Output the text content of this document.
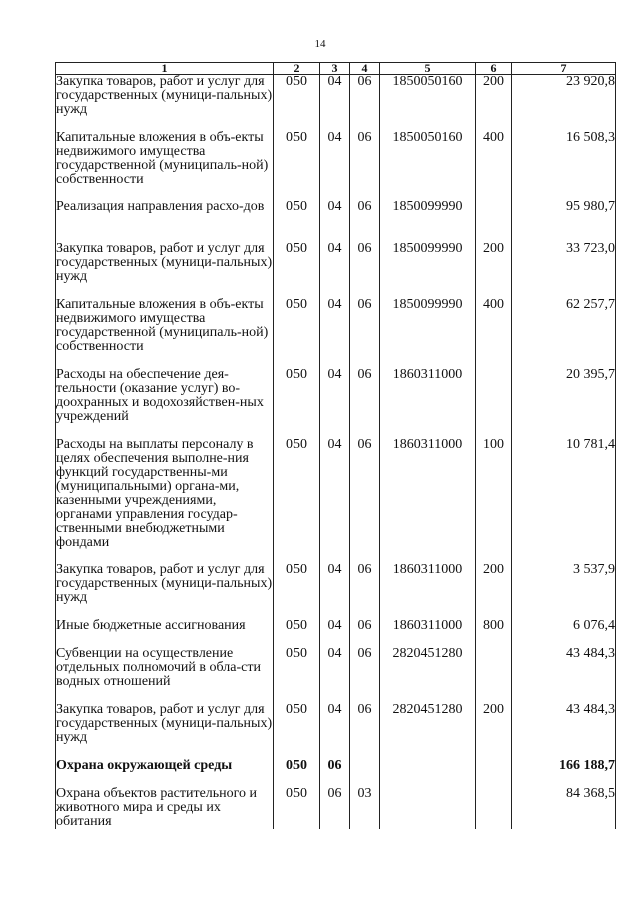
14
1	2	3	4	5	6	7
Закупка товаров, работ и услуг для государственных (муници-пальных) нужд	050	04	06	1850050160	200	23 920,8
Капитальные вложения в объ-екты недвижимого имущества государственной (муниципаль-ной) собственности	050	04	06	1850050160	400	16 508,3
Реализация направления расхо-дов	050	04	06	1850099990		95 980,7
Закупка товаров, работ и услуг для государственных (муници-пальных) нужд	050	04	06	1850099990	200	33 723,0
Капитальные вложения в объ-екты недвижимого имущества государственной (муниципаль-ной) собственности	050	04	06	1850099990	400	62 257,7
Расходы на обеспечение дея-тельности (оказание услуг) во-доохранных и водохозяйствен-ных учреждений	050	04	06	1860311000		20 395,7
Расходы на выплаты персоналу в целях обеспечения выполне-ния функций государственны-ми (муниципальными) органа-ми, казенными учреждениями, органами управления государ-ственными внебюджетными фондами	050	04	06	1860311000	100	10 781,4
Закупка товаров, работ и услуг для государственных (муници-пальных) нужд	050	04	06	1860311000	200	3 537,9
Иные бюджетные ассигнования	050	04	06	1860311000	800	6 076,4
Субвенции на осуществление отдельных полномочий в обла-сти водных отношений	050	04	06	2820451280		43 484,3
Закупка товаров, работ и услуг для государственных (муници-пальных) нужд	050	04	06	2820451280	200	43 484,3
Охрана окружающей среды	050	06				166 188,7
Охрана объектов растительного и животного мира и среды их обитания	050	06	03			84 368,5
